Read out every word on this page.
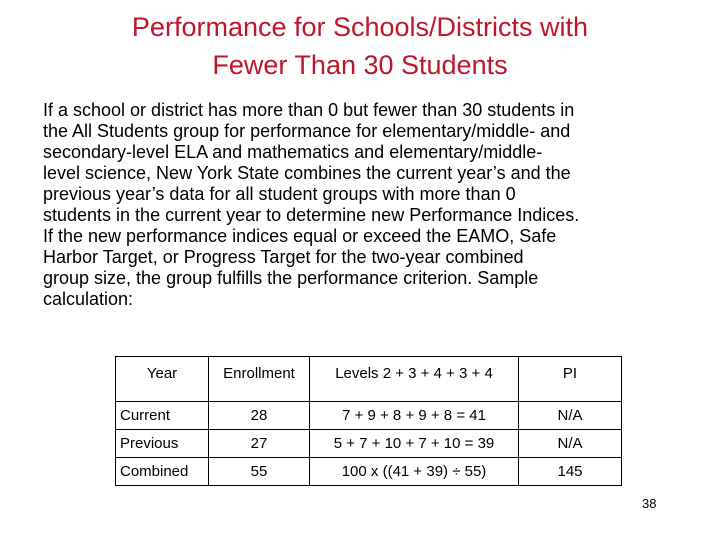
Performance for Schools/Districts with
Fewer Than 30 Students

If a school or district has more than 0 but fewer than 30 students in
the All Students group for performance for elementary/middle- and
secondary-level ELA and mathematics and elementary/middle-
level science, New York State combines the current year’s and the
previous year’s data for all student groups with more than 0
students in the current year to determine new Performance Indices.
If the new performance indices equal or exceed the EAMO, Safe
Harbor Target, or Progress Target for the two-year combined
group size, the group fulfills the performance criterion. Sample
calculation:

Year	Enrollment	Levels 2 + 3 + 4 + 3 + 4	PI
Current	28	7 + 9 + 8 + 9 + 8 = 41	N/A
Previous	27	5 + 7 + 10 + 7 + 10 = 39	N/A
Combined	55	100 x ((41 + 39) ÷ 55)	145
38
